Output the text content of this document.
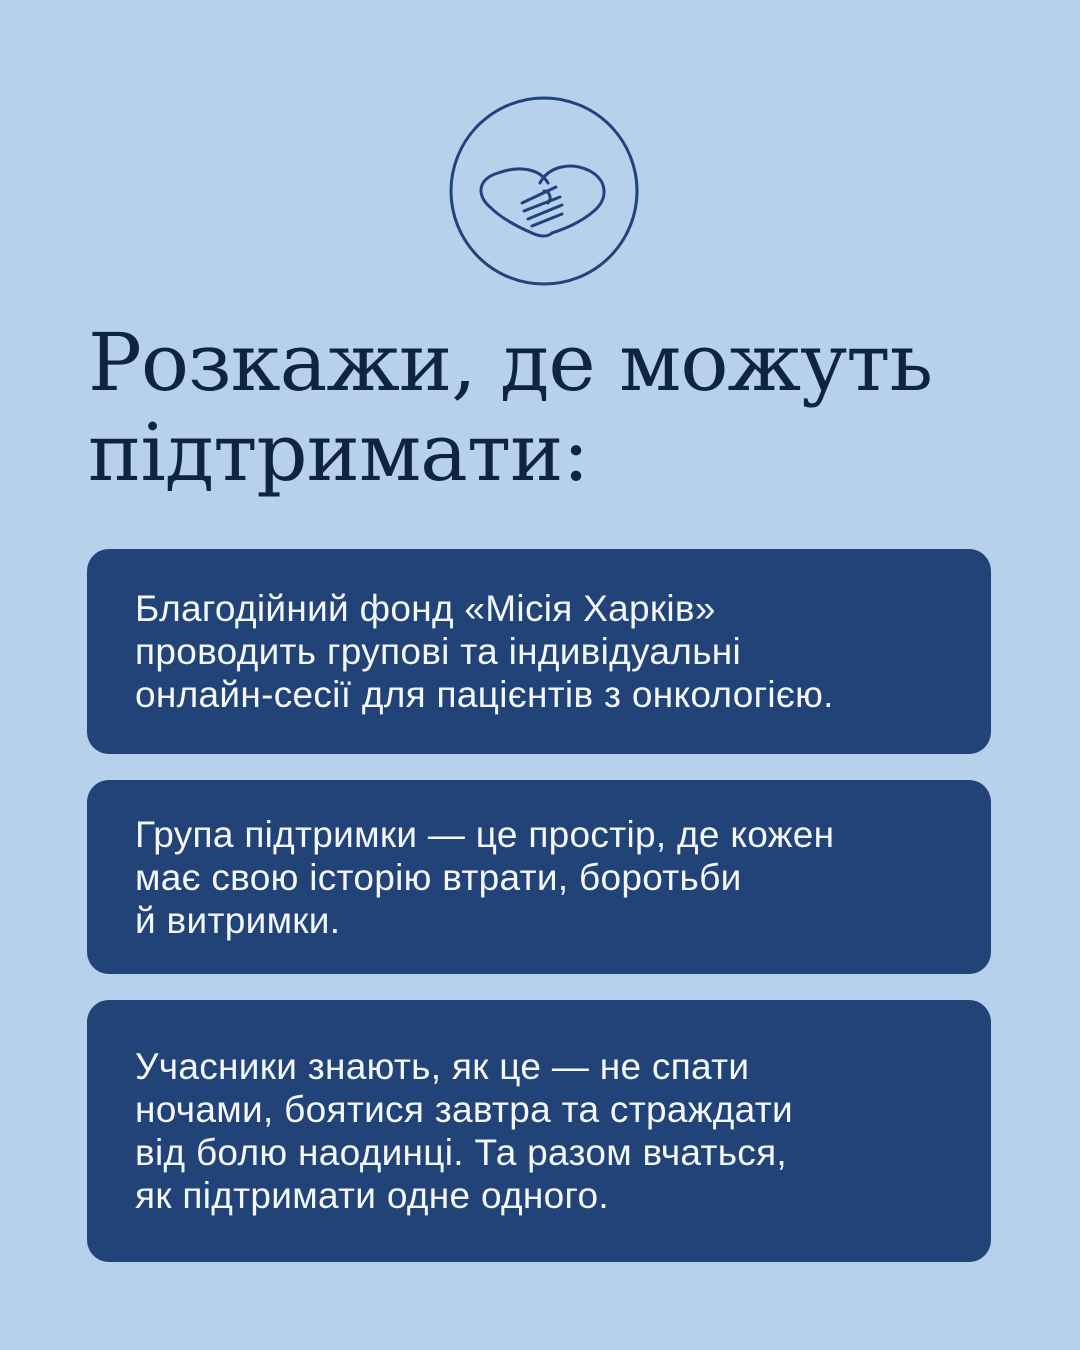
Розкажи, де можуть
підтримати:

Благодійний фонд «Місія Харків»
проводить групові та індивідуальні
онлайн-сесії для пацієнтів з онкологією.

Група підтримки — це простір, де кожен
має свою історію втрати, боротьби
й витримки.

Учасники знають, як це — не спати
ночами, боятися завтра та страждати
від болю наодинці. Та разом вчаться,
як підтримати одне одного.
